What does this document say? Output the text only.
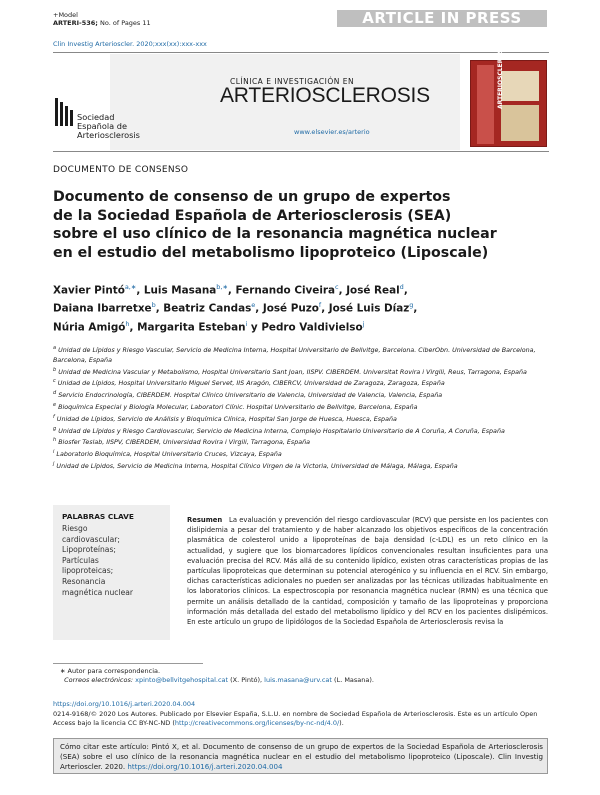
+Model
ARTERI-536; No. of Pages 11	ARTICLE IN PRESS
Clin Investig Arterioscler. 2020;xxx(xx):xxx-xxx
Sociedad
Española de
Arteriosclerosis
CLÍNICA E INVESTIGACIÓN EN
ARTERIOSCLEROSIS
www.elsevier.es/arterio
ARTERIOSCLEROSIS
DOCUMENTO DE CONSENSO
Documento de consenso de un grupo de expertos
de la Sociedad Española de Arteriosclerosis (SEA)
sobre el uso clínico de la resonancia magnética nuclear
en el estudio del metabolismo lipoproteico (Liposcale)
Xavier Pintó$^{a,∗}$, Luis Masana$^{b,∗}$, Fernando Civeira$^c$, José Real$^d$,
Daiana Ibarretxe$^b$, Beatriz Candas$^e$, José Puzo$^f$, José Luis Díaz$^g$,
Núria Amigó$^h$, Margarita Esteban$^i$ y Pedro Valdivielso$^j$
$^a$ Unidad de Lípidos y Riesgo Vascular, Servicio de Medicina Interna, Hospital Universitario de Bellvitge, Barcelona. CiberObn. Universidad de Barcelona, Barcelona, España
$^b$ Unidad de Medicina Vascular y Metabolismo, Hospital Universitario Sant Joan, IISPV. CIBERDEM. Universitat Rovira i Virgili, Reus, Tarragona, España
$^c$ Unidad de Lípidos, Hospital Universitario Miguel Servet, IIS Aragón, CIBERCV, Universidad de Zaragoza, Zaragoza, España
$^d$ Servicio Endocrinología, CIBERDEM. Hospital Clínico Universitario de Valencia, Universidad de Valencia, Valencia, España
$^e$ Bioquímica Especial y Biología Molecular, Laboratori Clínic. Hospital Universitario de Bellvitge, Barcelona, España
$^f$ Unidad de Lípidos, Servicio de Análisis y Bioquímica Clínica, Hospital San Jorge de Huesca, Huesca, España
$^g$ Unidad de Lípidos y Riesgo Cardiovascular, Servicio de Medicina Interna, Complejo Hospitalario Universitario de A Coruña, A Coruña, España
$^h$ Biosfer Teslab, IISPV, CIBERDEM, Universidad Rovira i Virgili, Tarragona, España
$^i$ Laboratorio Bioquímica, Hospital Universitario Cruces, Vizcaya, España
$^j$ Unidad de Lípidos, Servicio de Medicina Interna, Hospital Clínico Virgen de la Victoria, Universidad de Málaga, Málaga, España
PALABRAS CLAVE
Riesgo
cardiovascular;
Lipoproteínas;
Partículas
lipoproteicas;
Resonancia
magnética nuclear
Resumen La evaluación y prevención del riesgo cardiovascular (RCV) que persiste en los pacientes con dislipidemia a pesar del tratamiento y de haber alcanzado los objetivos específicos de la concentración plasmática de colesterol unido a lipoproteínas de baja densidad (c-LDL) es un reto clínico en la actualidad, y sugiere que los biomarcadores lipídicos convencionales resultan insuficientes para una evaluación precisa del RCV. Más allá de su contenido lipídico, existen otras características propias de las partículas lipoproteicas que determinan su potencial aterogénico y su influencia en el RCV. Sin embargo, dichas características adicionales no pueden ser analizadas por las técnicas utilizadas habitualmente en los laboratorios clínicos. La espectroscopia por resonancia magnética nuclear (RMN) es una técnica que permite un análisis detallado de la cantidad, composición y tamaño de las lipoproteínas y proporciona información más detallada del estado del metabolismo lipídico y del RCV en los pacientes dislipémicos. En este artículo un grupo de lipidólogos de la Sociedad Española de Arteriosclerosis revisa la
∗ Autor para correspondencia.
Correos electrónicos: xpinto@bellvitgehospital.cat (X. Pintó), luis.masana@urv.cat (L. Masana).
https://doi.org/10.1016/j.arteri.2020.04.004
0214-9168/© 2020 Los Autores. Publicado por Elsevier España, S.L.U. en nombre de Sociedad Española de Arteriosclerosis. Este es un artículo Open Access bajo la licencia CC BY-NC-ND (http://creativecommons.org/licenses/by-nc-nd/4.0/).
Cómo citar este artículo: Pintó X, et al. Documento de consenso de un grupo de expertos de la Sociedad Española de Arteriosclerosis (SEA) sobre el uso clínico de la resonancia magnética nuclear en el estudio del metabolismo lipoproteico (Liposcale). Clin Investig Arterioscler. 2020. https://doi.org/10.1016/j.arteri.2020.04.004
